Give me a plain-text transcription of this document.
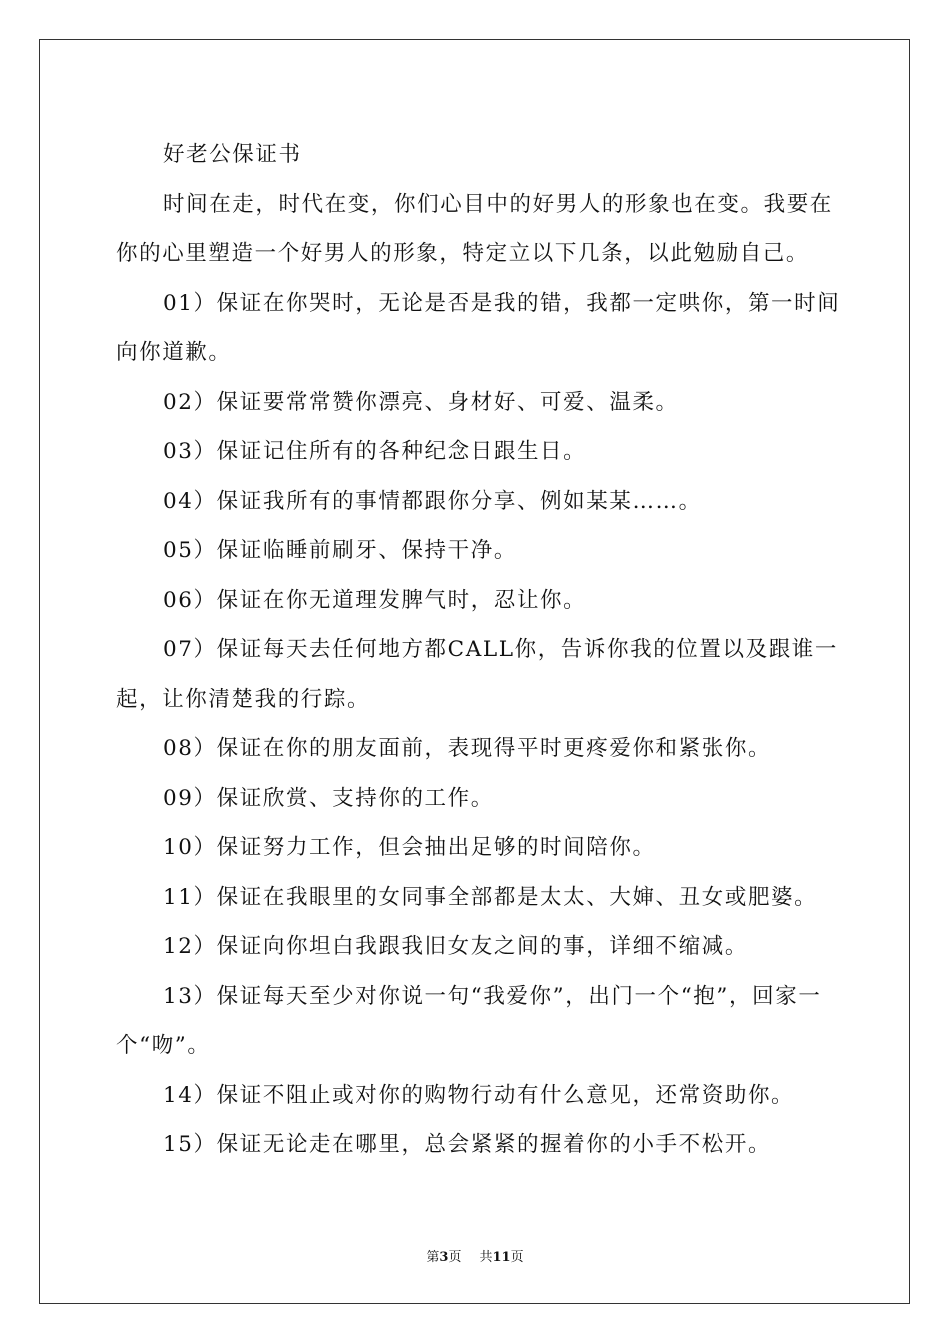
好老公保证书

时间在走，时代在变，你们心目中的好男人的形象也在变。我要在你的心里塑造一个好男人的形象，特定立以下几条，以此勉励自己。

01）保证在你哭时，无论是否是我的错，我都一定哄你，第一时间向你道歉。

02）保证要常常赞你漂亮、身材好、可爱、温柔。

03）保证记住所有的各种纪念日跟生日。

04）保证我所有的事情都跟你分享、例如某某……。

05）保证临睡前刷牙、保持干净。

06）保证在你无道理发脾气时，忍让你。

07）保证每天去任何地方都CALL你，告诉你我的位置以及跟谁一起，让你清楚我的行踪。

08）保证在你的朋友面前，表现得平时更疼爱你和紧张你。

09）保证欣赏、支持你的工作。

10）保证努力工作，但会抽出足够的时间陪你。

11）保证在我眼里的女同事全部都是太太、大婶、丑女或肥婆。

12）保证向你坦白我跟我旧女友之间的事，详细不缩减。

13）保证每天至少对你说一句“我爱你”，出门一个“抱”，回家一个“吻”。

14）保证不阻止或对你的购物行动有什么意见，还常资助你。

15）保证无论走在哪里，总会紧紧的握着你的小手不松开。

第3页 共11页
